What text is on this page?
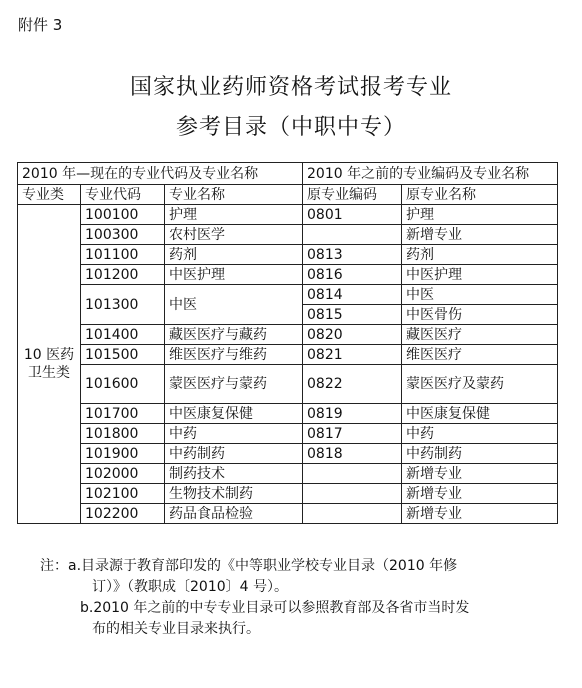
附件 3
国家执业药师资格考试报考专业
参考目录（中职中专）
2010 年—现在的专业代码及专业名称			2010 年之前的专业编码及专业名称	
专业类	专业代码	专业名称	原专业编码	原专业名称
10 医药卫生类	100100	护理	0801	护理
	100300	农村医学		新增专业
	101100	药剂	0813	药剂
	101200	中医护理	0816	中医护理
	101300	中医	0814	中医
			0815	中医骨伤
	101400	藏医医疗与藏药	0820	藏医医疗
	101500	维医医疗与维药	0821	维医医疗
	101600	蒙医医疗与蒙药	0822	蒙医医疗及蒙药
	101700	中医康复保健	0819	中医康复保健
	101800	中药	0817	中药
	101900	中药制药	0818	中药制药
	102000	制药技术		新增专业
	102100	生物技术制药		新增专业
	102200	药品食品检验		新增专业

注：a.目录源于教育部印发的《中等职业学校专业目录（2010 年修

订）》（教职成〔2010〕4 号）。

b.2010 年之前的中专专业目录可以参照教育部及各省市当时发

布的相关专业目录来执行。
